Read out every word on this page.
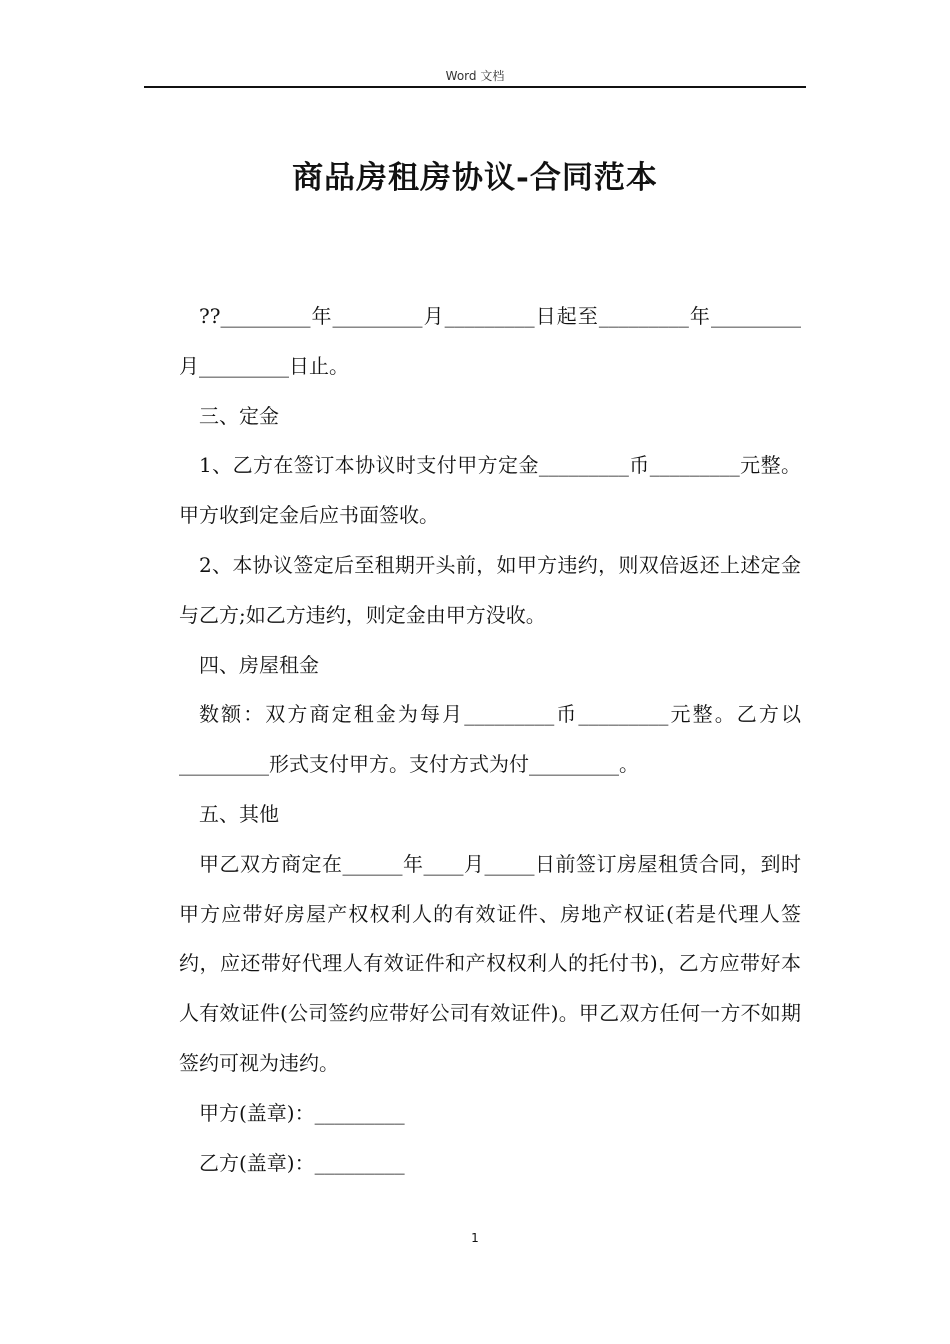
Word 文档
商品房租房协议-合同范本

??_________年_________月_________日起至_________年_________月_________日止。

三、定金

1、乙方在签订本协议时支付甲方定金_________币_________元整。甲方收到定金后应书面签收。

2、本协议签定后至租期开头前，如甲方违约，则双倍返还上述定金与乙方;如乙方违约，则定金由甲方没收。

四、房屋租金

数额：双方商定租金为每月_________币_________元整。乙方以_________形式支付甲方。支付方式为付_________。

五、其他

甲乙双方商定在______年____月_____日前签订房屋租赁合同，到时甲方应带好房屋产权权利人的有效证件、房地产权证(若是代理人签约，应还带好代理人有效证件和产权权利人的托付书)，乙方应带好本人有效证件(公司签约应带好公司有效证件)。甲乙双方任何一方不如期签约可视为违约。

甲方(盖章)：_________

乙方(盖章)：_________

1
